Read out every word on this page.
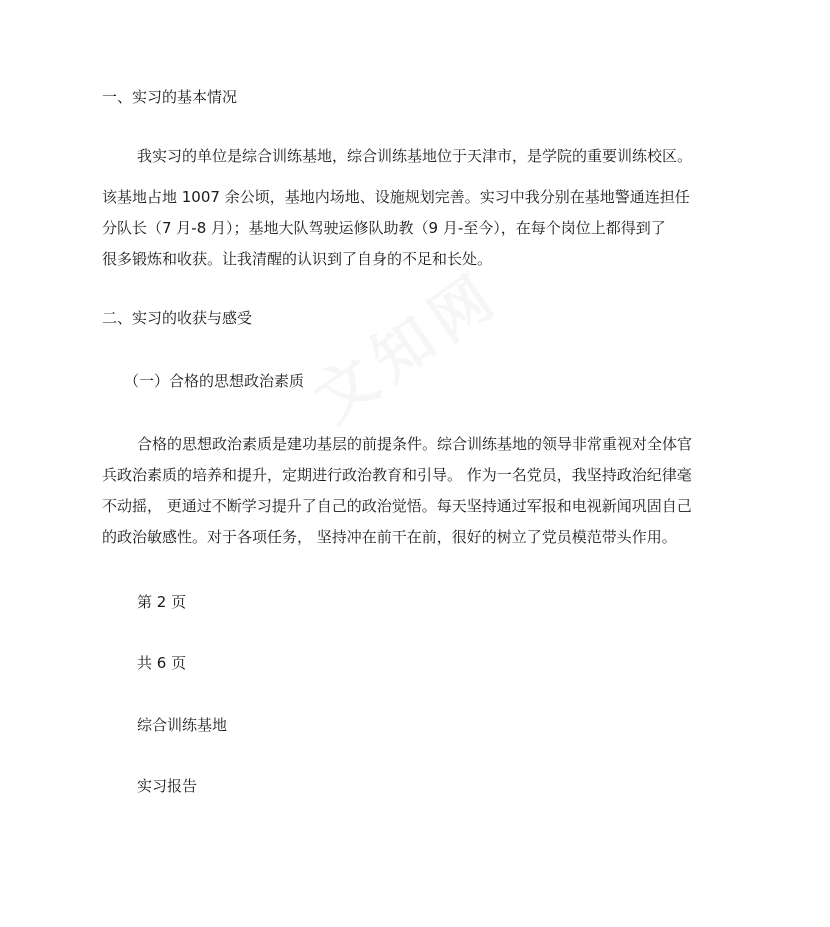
一、实习的基本情况

我实习的单位是综合训练基地，综合训练基地位于天津市，是学院的重要训练校区。

该基地占地 1007 余公顷，基地内场地、设施规划完善。实习中我分别在基地警通连担任
分队长（7 月-8 月）；基地大队驾驶运修队助教（9 月-至今），在每个岗位上都得到了
很多锻炼和收获。让我清醒的认识到了自身的不足和长处。
二、实习的收获与感受
（一）合格的思想政治素质
合格的思想政治素质是建功基层的前提条件。综合训练基地的领导非常重视对全体官
兵政治素质的培养和提升，定期进行政治教育和引导。 作为一名党员，我坚持政治纪律毫
不动摇， 更通过不断学习提升了自己的政治觉悟。每天坚持通过军报和电视新闻巩固自己
的政治敏感性。对于各项任务， 坚持冲在前干在前，很好的树立了党员模范带头作用。
第 2 页
共 6 页
综合训练基地
实习报告
